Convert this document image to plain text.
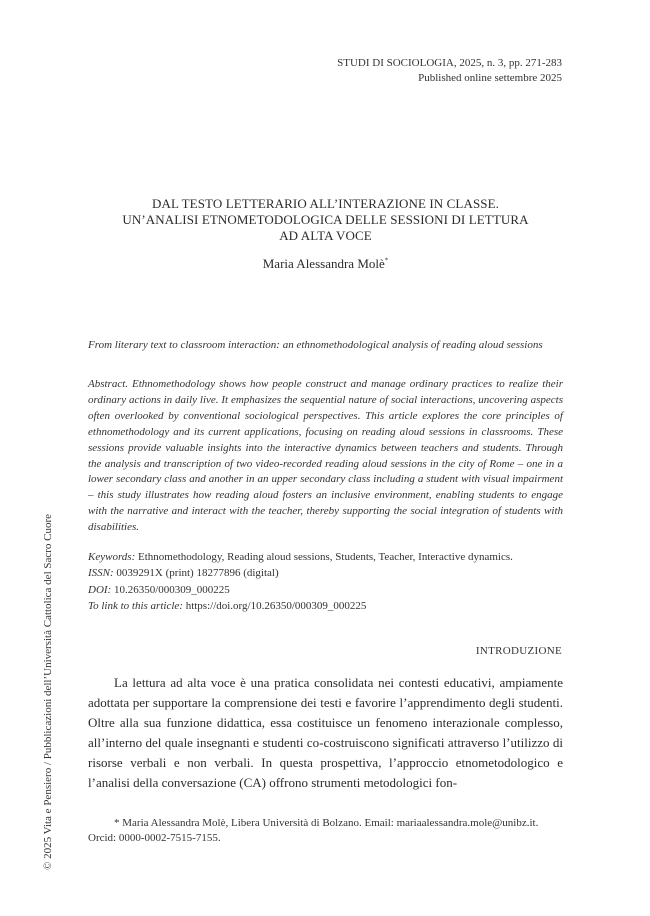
STUDI DI SOCIOLOGIA, 2025, n. 3, pp. 271-283
Published online settembre 2025
DAL TESTO LETTERARIO ALL’INTERAZIONE IN CLASSE.
UN’ANALISI ETNOMETODOLOGICA DELLE SESSIONI DI LETTURA
AD ALTA VOCE
Maria Alessandra Molè*
From literary text to classroom interaction: an ethnomethodological analysis of reading aloud sessions
Abstract. Ethnomethodology shows how people construct and manage ordinary practices to realize their ordinary actions in daily live. It emphasizes the sequential nature of social interactions, uncovering aspects often overlooked by conventional sociological perspectives. This article explores the core principles of ethnomethodology and its current applications, focusing on reading aloud sessions in classrooms. These sessions provide valuable insights into the interactive dynamics between teachers and students. Through the analysis and transcription of two video-recorded reading aloud sessions in the city of Rome – one in a lower secondary class and another in an upper secondary class including a student with visual impairment – this study illustrates how reading aloud fosters an inclusive environment, enabling students to engage with the narrative and interact with the teacher, thereby supporting the social integration of students with disabilities.
Keywords: Ethnomethodology, Reading aloud sessions, Students, Teacher, Interactive dynamics.
ISSN: 0039291X (print) 18277896 (digital)
DOI: 10.26350/000309_000225
To link to this article: https://doi.org/10.26350/000309_000225
INTRODUZIONE
La lettura ad alta voce è una pratica consolidata nei contesti educativi, ampiamente adottata per supportare la comprensione dei testi e favorire l’apprendimento degli studenti. Oltre alla sua funzione didattica, essa costituisce un fenomeno interazionale complesso, all’interno del quale insegnanti e studenti co-costruiscono significati attraverso l’utilizzo di risorse verbali e non verbali. In questa prospettiva, l’approccio etnometodologico e l’analisi della conversazione (CA) offrono strumenti metodologici fon-
* Maria Alessandra Molè, Libera Università di Bolzano. Email: mariaalessandra.mole@unibz.it.
Orcid: 0000-0002-7515-7155.
© 2025 Vita e Pensiero / Pubblicazioni dell’Università Cattolica del Sacro Cuore
